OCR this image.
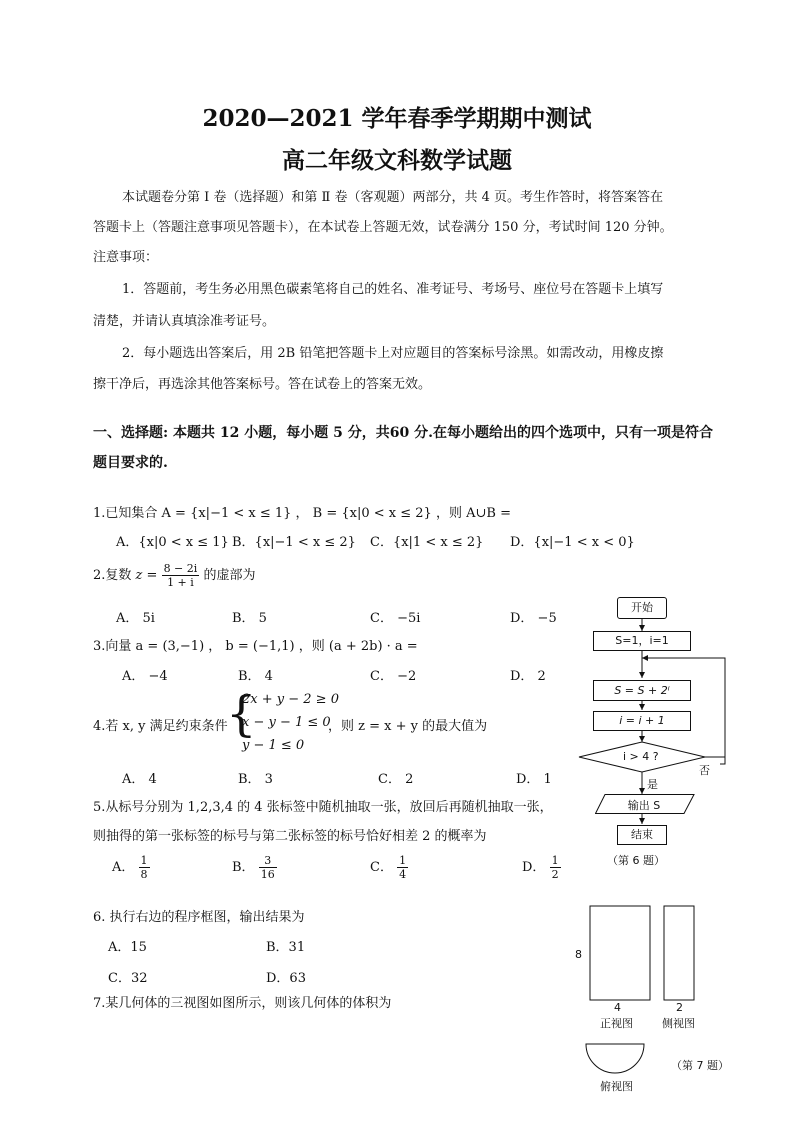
2020—2021 学年春季学期期中测试
高二年级文科数学试题
本试题卷分第 Ⅰ 卷（选择题）和第 Ⅱ 卷（客观题）两部分，共 4 页。考生作答时，将答案答在
答题卡上（答题注意事项见答题卡），在本试卷上答题无效，试卷满分 150 分，考试时间 120 分钟。
注意事项：
1．答题前，考生务必用黑色碳素笔将自己的姓名、准考证号、考场号、座位号在答题卡上填写
清楚，并请认真填涂准考证号。
2．每小题选出答案后，用 2B 铅笔把答题卡上对应题目的答案标号涂黑。如需改动，用橡皮擦
擦干净后，再选涂其他答案标号。答在试卷上的答案无效。
一、选择题: 本题共 12 小题，每小题 5 分，共60 分.在每小题给出的四个选项中，只有一项是符合
题目要求的.
1.已知集合 A = {x|−1 < x ≤ 1} ， B = {x|0 < x ≤ 2} ，则 A∪B =
A．{x|0 < x ≤ 1} B．{x|−1 < x ≤ 2} C．{x|1 < x ≤ 2} D．{x|−1 < x < 0}
2.复数 $z = \frac{8 - 2i}{1 + i}$ 的虚部为
A． 5i	B． 5	C． −5i	D． −5
3.向量 a = (3,−1) ， b = (−1,1) ，则 (a + 2b) · a =
A． −4	B． 4	C． −2	D． 2
4.若 x, y 满足约束条件
{
2x + y − 2 ≥ 0
x − y − 1 ≤ 0
y − 1 ≤ 0
，则 z = x + y 的最大值为
A． 4	B． 3	C． 2	D． 1
5.从标号分别为 1,2,3,4 的 4 张标签中随机抽取一张，放回后再随机抽取一张，
则抽得的第一张标签的标号与第二张标签的标号恰好相差 2 的概率为
A． $\frac{1}{8}$	B． $\frac{3}{16}$	C． $\frac{1}{4}$	D． $\frac{1}{2}$
6. 执行右边的程序框图，输出结果为
A．15	B．31
C．32	D．63
7.某几何体的三视图如图所示，则该几何体的体积为
开始
S=1，i=1
S = S + 2ⁱ
i = i + 1
i > 4 ?
是
否
输出 S
结束
（第 6 题）
8
4	2
正视图	侧视图
（第 7 题）
俯视图
